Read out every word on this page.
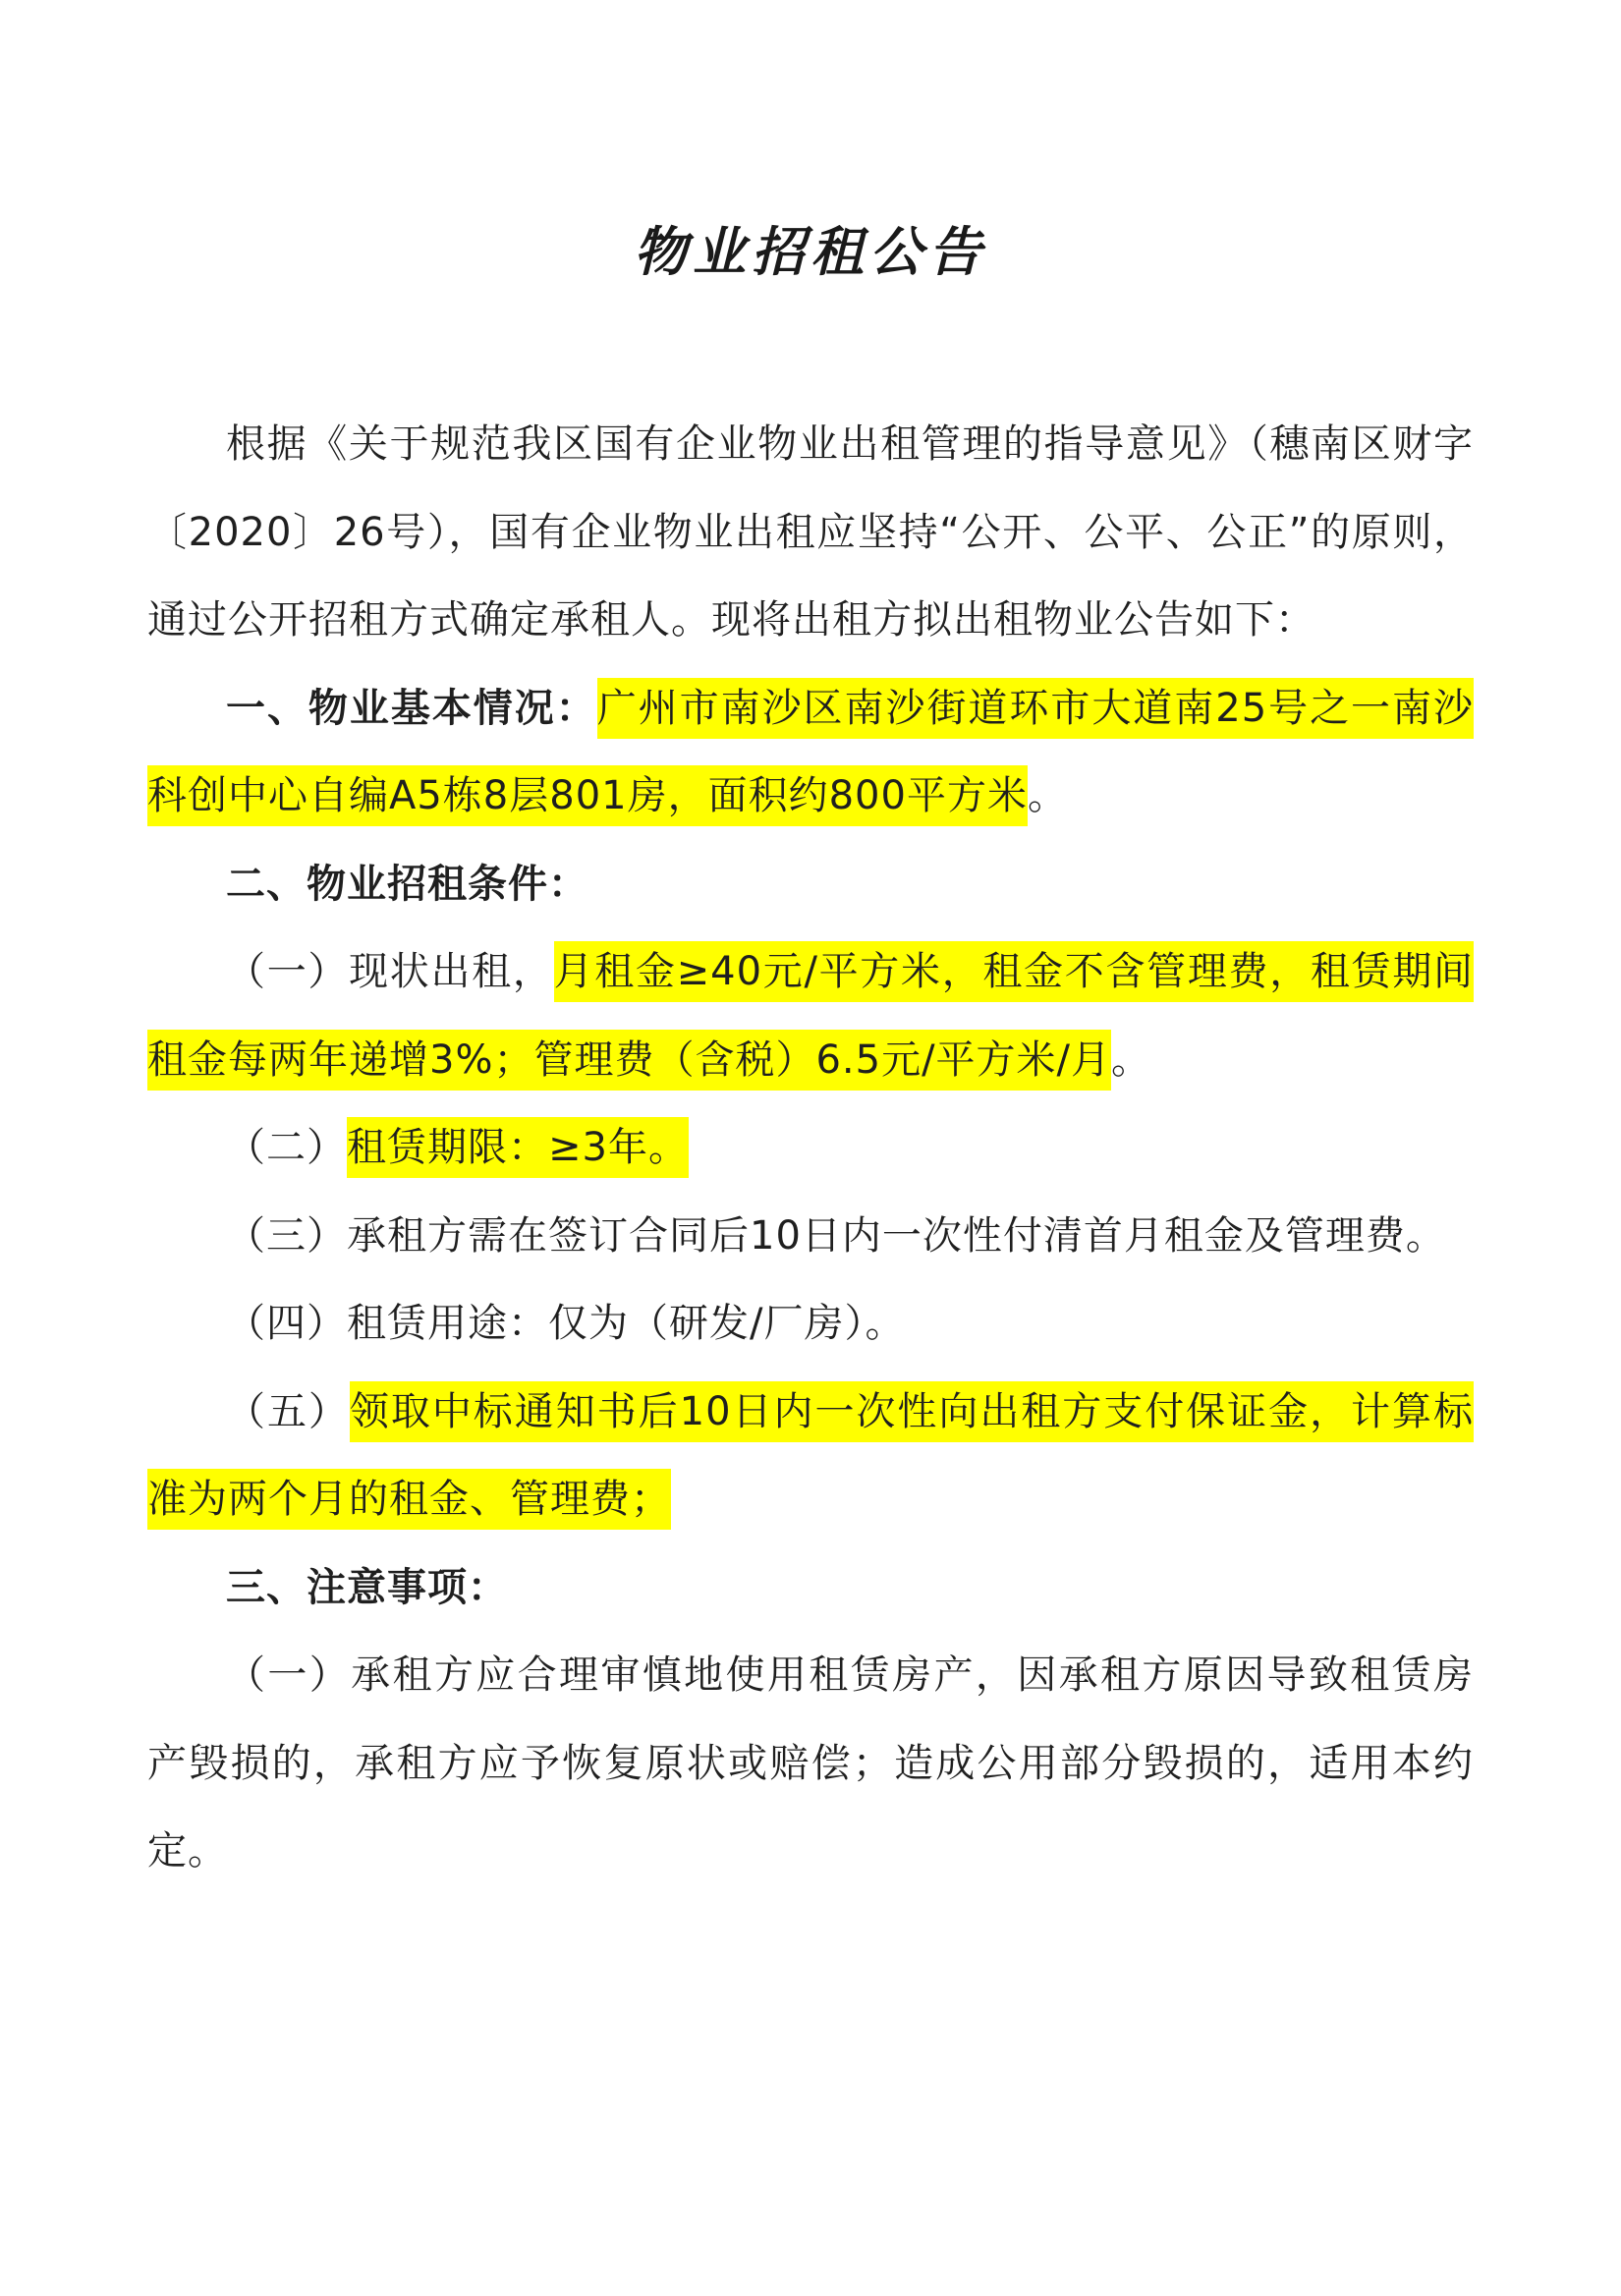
物业招租公告

根据《关于规范我区国有企业物业出租管理的指导意见》（穗南区财字〔2020〕26号），国有企业物业出租应坚持“公开、公平、公正”的原则，通过公开招租方式确定承租人。现将出租方拟出租物业公告如下：

一、物业基本情况：广州市南沙区南沙街道环市大道南25号之一南沙科创中心自编A5栋8层801房，面积约800平方米。

二、物业招租条件：

（一）现状出租，月租金≥40元/平方米，租金不含管理费，租赁期间租金每两年递增3%；管理费（含税）6.5元/平方米/月。

（二）租赁期限：≥3年。

（三）承租方需在签订合同后10日内一次性付清首月租金及管理费。

（四）租赁用途：仅为（研发/厂房）。

（五）领取中标通知书后10日内一次性向出租方支付保证金，计算标准为两个月的租金、管理费；

三、注意事项：

（一）承租方应合理审慎地使用租赁房产，因承租方原因导致租赁房产毁损的，承租方应予恢复原状或赔偿；造成公用部分毁损的，适用本约定。
